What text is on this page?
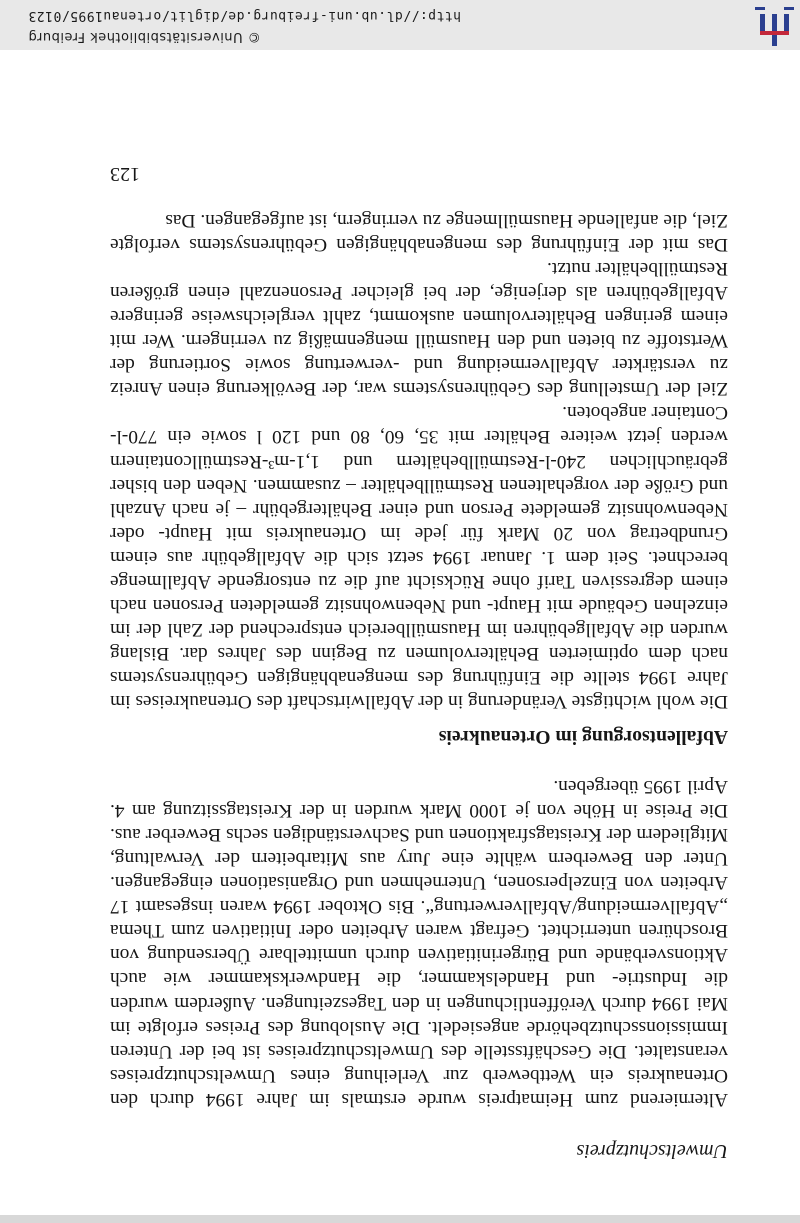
Umweltschutzpreis

Alternierend zum Heimatpreis wurde erstmals im Jahre 1994 durch den Ortenaukreis ein Wettbewerb zur Verleihung eines Umweltschutzpreises veranstaltet. Die Geschäftsstelle des Umweltschutzpreises ist bei der Unteren Immissionsschutzbehörde angesiedelt. Die Auslobung des Preises erfolgte im Mai 1994 durch Veröffentlichungen in den Tageszeitungen. Außerdem wurden die Industrie- und Handelskammer, die Handwerkskammer wie auch Aktionsverbände und Bürgerinitiativen durch unmittelbare Übersendung von Broschüren unterrichtet. Gefragt waren Arbeiten oder Initiativen zum Thema „Abfallvermeidung/Abfallverwertung“. Bis Oktober 1994 waren insgesamt 17 Arbeiten von Einzelpersonen, Unternehmen und Organisationen eingegangen. Unter den Bewerbern wählte eine Jury aus Mitarbeitern der Verwaltung, Mitgliedern der Kreistagsfraktionen und Sachverständigen sechs Bewerber aus. Die Preise in Höhe von je 1000 Mark wurden in der Kreistagssitzung am 4. April 1995 übergeben.

Abfallentsorgung im Ortenaukreis

Die wohl wichtigste Veränderung in der Abfallwirtschaft des Ortenaukreises im Jahre 1994 stellte die Einführung des mengenabhängigen Gebührensystems nach dem optimierten Behältervolumen zu Beginn des Jahres dar. Bislang wurden die Abfallgebühren im Hausmüllbereich entsprechend der Zahl der im einzelnen Gebäude mit Haupt- und Nebenwohnsitz gemeldeten Personen nach einem degressiven Tarif ohne Rücksicht auf die zu entsorgende Abfallmenge berechnet. Seit dem 1. Januar 1994 setzt sich die Abfallgebühr aus einem Grundbetrag von 20 Mark für jede im Ortenaukreis mit Haupt- oder Nebenwohnsitz gemeldete Person und einer Behältergebühr – je nach Anzahl und Größe der vorgehaltenen Restmüllbehälter – zusammen. Neben den bisher gebräuchlichen 240-l-Restmüllbehältern und 1,1-m³-Restmüllcontainern werden jetzt weitere Behälter mit 35, 60, 80 und 120 l sowie ein 770-l-Container angeboten.

Ziel der Umstellung des Gebührensystems war, der Bevölkerung einen Anreiz zu verstärkter Abfallvermeidung und -verwertung sowie Sortierung der Wertstoffe zu bieten und den Hausmüll mengenmäßig zu verringern. Wer mit einem geringen Behältervolumen auskommt, zahlt vergleichsweise geringere Abfallgebühren als derjenige, der bei gleicher Personenzahl einen größeren Restmüllbehälter nutzt.

Das mit der Einführung des mengenabhängigen Gebührensystems verfolgte Ziel, die anfallende Hausmüllmenge zu verringern, ist aufgegangen. Das

123
© Universitätsbibliothek Freiburg
http://dl.ub.uni-freiburg.de/diglit/ortenau1995/0123
